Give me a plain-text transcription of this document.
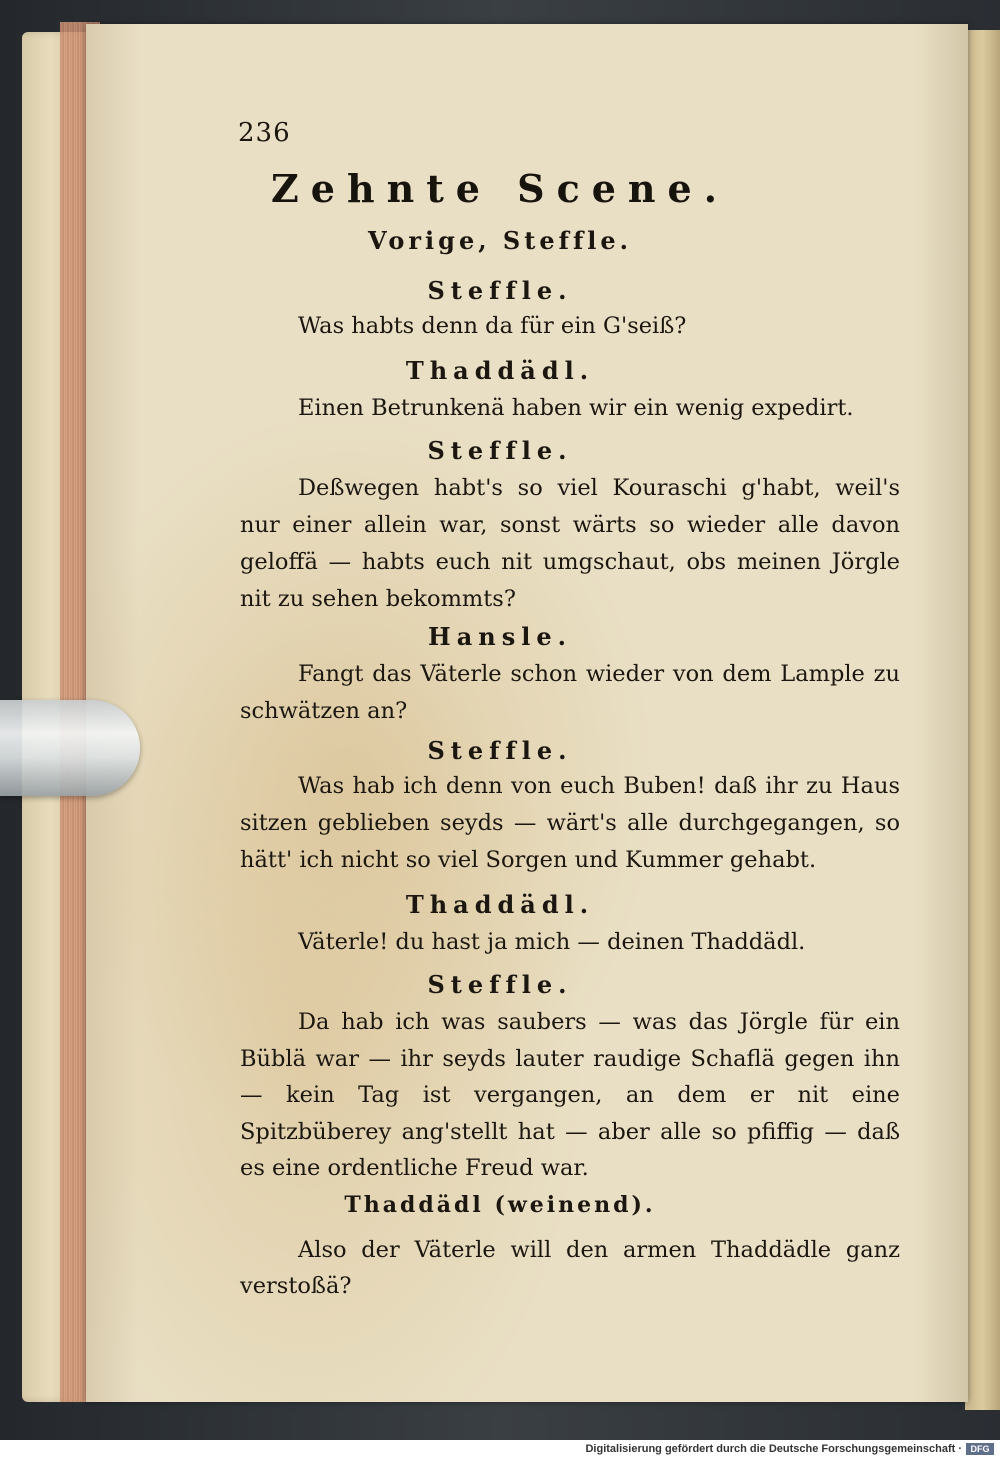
236
Zehnte Scene.
Vorige, Steffle.
Steffle.
Was habts denn da für ein G'seiß?
Thaddädl.
Einen Betrunkenä haben wir ein wenig expedirt.
Steffle.
Deßwegen habt's so viel Kouraschi g'habt, weil's nur einer allein war, sonst wärts so wieder alle davon geloffä — habts euch nit umgschaut, obs meinen Jörgle nit zu sehen bekommts?
Hansle.
Fangt das Väterle schon wieder von dem Lample zu schwätzen an?
Steffle.
Was hab ich denn von euch Buben! daß ihr zu Haus sitzen geblieben seyds — wärt's alle durchgegangen, so hätt' ich nicht so viel Sorgen und Kummer gehabt.
Thaddädl.
Väterle! du hast ja mich — deinen Thaddädl.
Steffle.
Da hab ich was saubers — was das Jörgle für ein Büblä war — ihr seyds lauter raudige Schaflä gegen ihn — kein Tag ist vergangen, an dem er nit eine Spitzbüberey ang'stellt hat — aber alle so pfiffig — daß es eine ordentliche Freud war.
Thaddädl (weinend).
Also der Väterle will den armen Thaddädle ganz verstoßä?
Digitalisierung gefördert durch die Deutsche Forschungsgemeinschaft · DFG
